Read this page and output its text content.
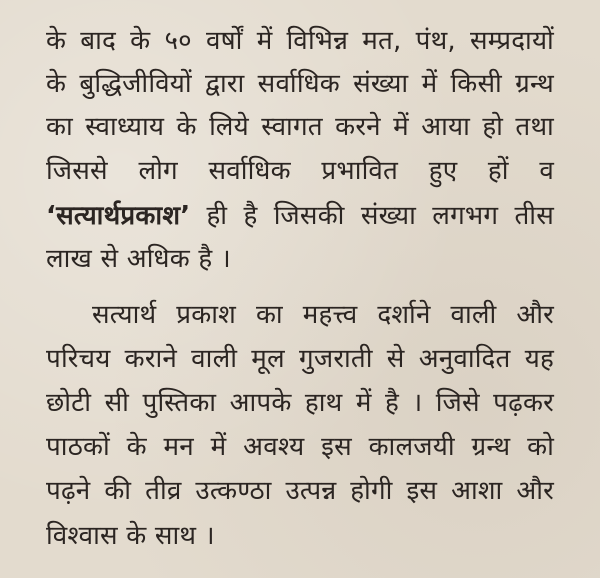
के बाद के ५० वर्षों में विभिन्न मत, पंथ, सम्प्रदायों
के बुद्धिजीवियों द्वारा सर्वाधिक संख्या में किसी ग्रन्थ
का स्वाध्याय के लिये स्वागत करने में आया हो तथा
जिससे लोग सर्वाधिक प्रभावित हुए हों व
‘सत्यार्थप्रकाश’ ही है जिसकी संख्या लगभग तीस
लाख से अधिक है ।
सत्यार्थ प्रकाश का महत्त्व दर्शाने वाली और
परिचय कराने वाली मूल गुजराती से अनुवादित यह
छोटी सी पुस्तिका आपके हाथ में है । जिसे पढ़कर
पाठकों के मन में अवश्य इस कालजयी ग्रन्थ को
पढ़ने की तीव्र उत्कण्ठा उत्पन्न होगी इस आशा और
विश्वास के साथ ।
